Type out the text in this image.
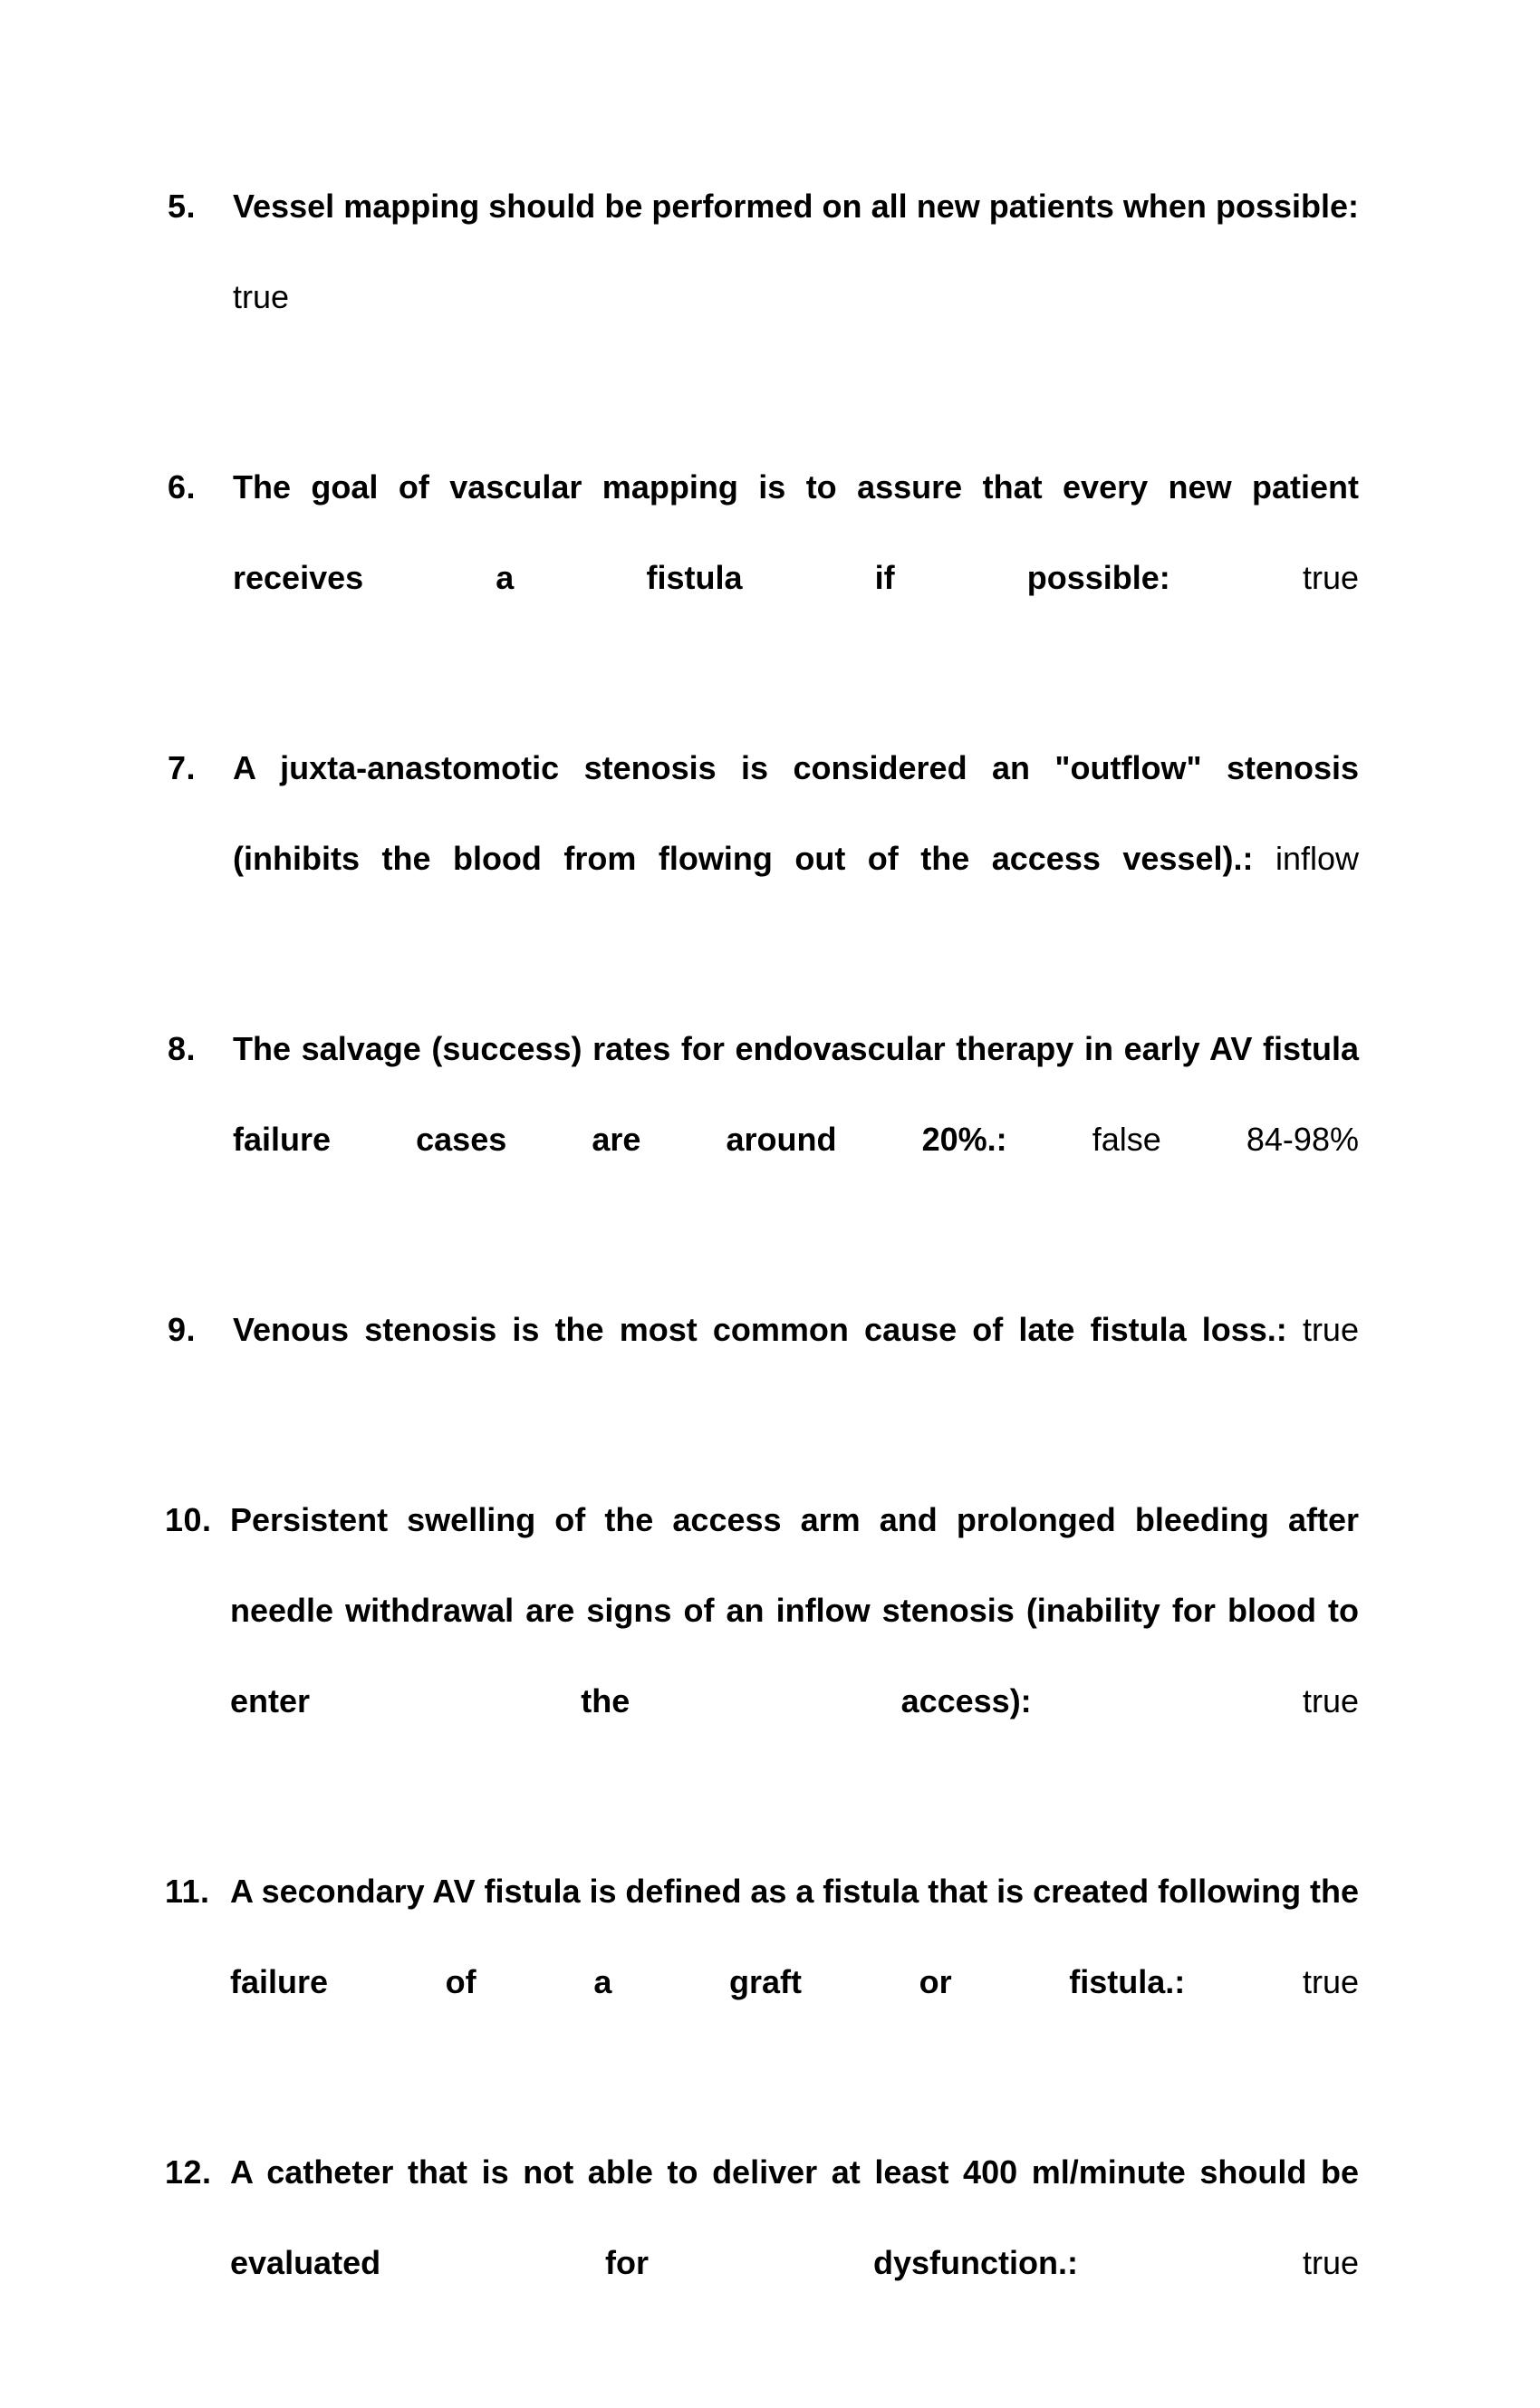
5.	Vessel mapping should be performed on all new patients when possible: true
6.	The goal of vascular mapping is to assure that every new patient receives a fistula if possible:	true
7.	A juxta-anastomotic stenosis is considered an "outflow" stenosis (inhibits the blood from flowing out of the access vessel).: inflow
8.	The salvage (success) rates for endovascular therapy in early AV fistula failure cases are around 20%.:	false 84-98%
9.	Venous stenosis is the most common cause of late fistula loss.: true
10. Persistent swelling of the access arm and prolonged bleeding after needle withdrawal are signs of an inflow stenosis (inability for blood to enter the access):	true
11. A secondary AV fistula is defined as a fistula that is created following the failure of a graft or fistula.:	true
12. A catheter that is not able to deliver at least 400 ml/minute should be evaluated for dysfunction.:	true
